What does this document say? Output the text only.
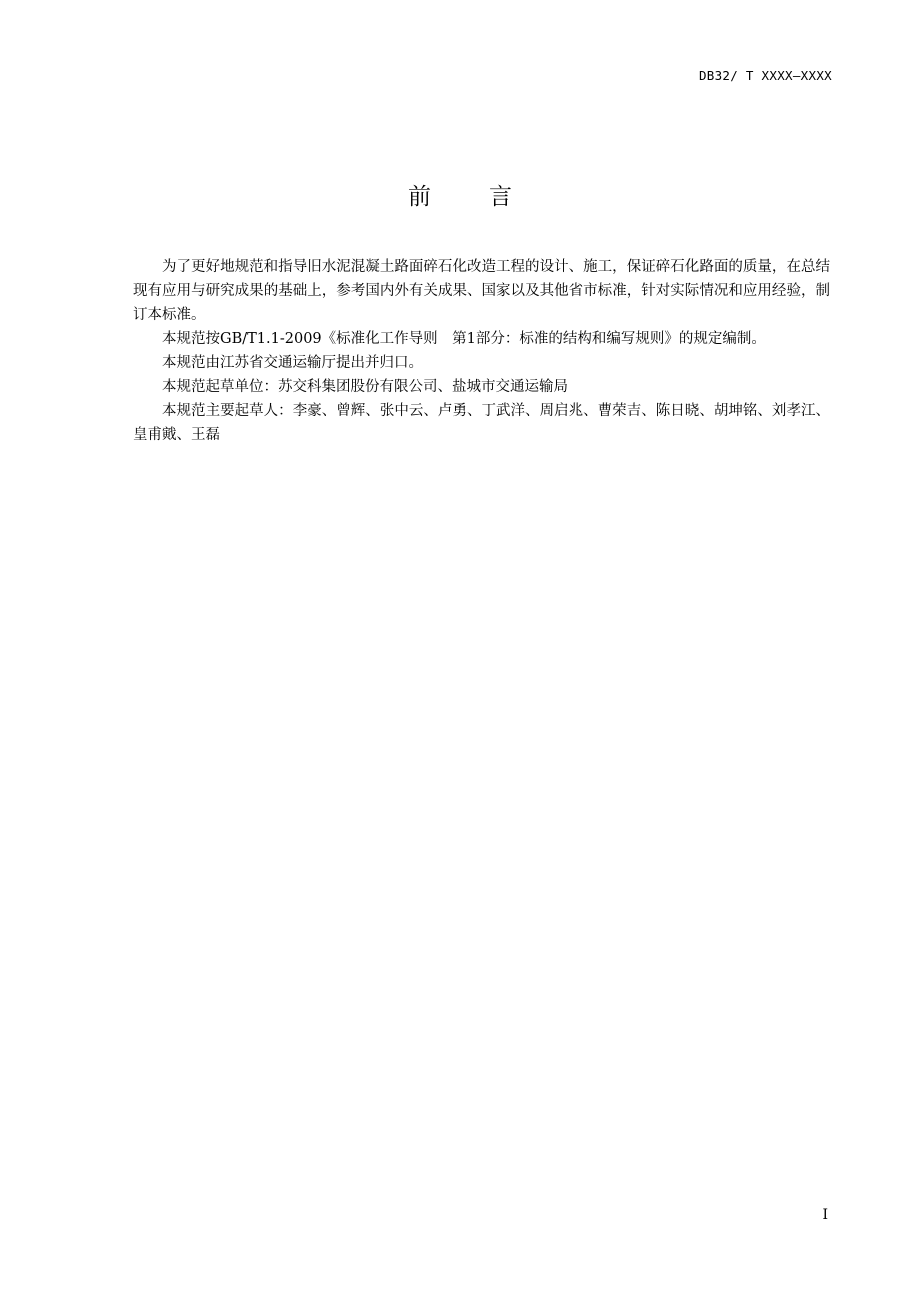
DB32/ T XXXX—XXXX
前言

为了更好地规范和指导旧水泥混凝土路面碎石化改造工程的设计、施工，保证碎石化路面的质量，在总结现有应用与研究成果的基础上，参考国内外有关成果、国家以及其他省市标准，针对实际情况和应用经验，制订本标准。

本规范按GB/T1.1-2009《标准化工作导则　第1部分：标准的结构和编写规则》的规定编制。

本规范由江苏省交通运输厅提出并归口。

本规范起草单位：苏交科集团股份有限公司、盐城市交通运输局

本规范主要起草人：李豪、曾辉、张中云、卢勇、丁武洋、周启兆、曹荣吉、陈日晓、胡坤铭、刘孝江、皇甫戭、王磊

I
